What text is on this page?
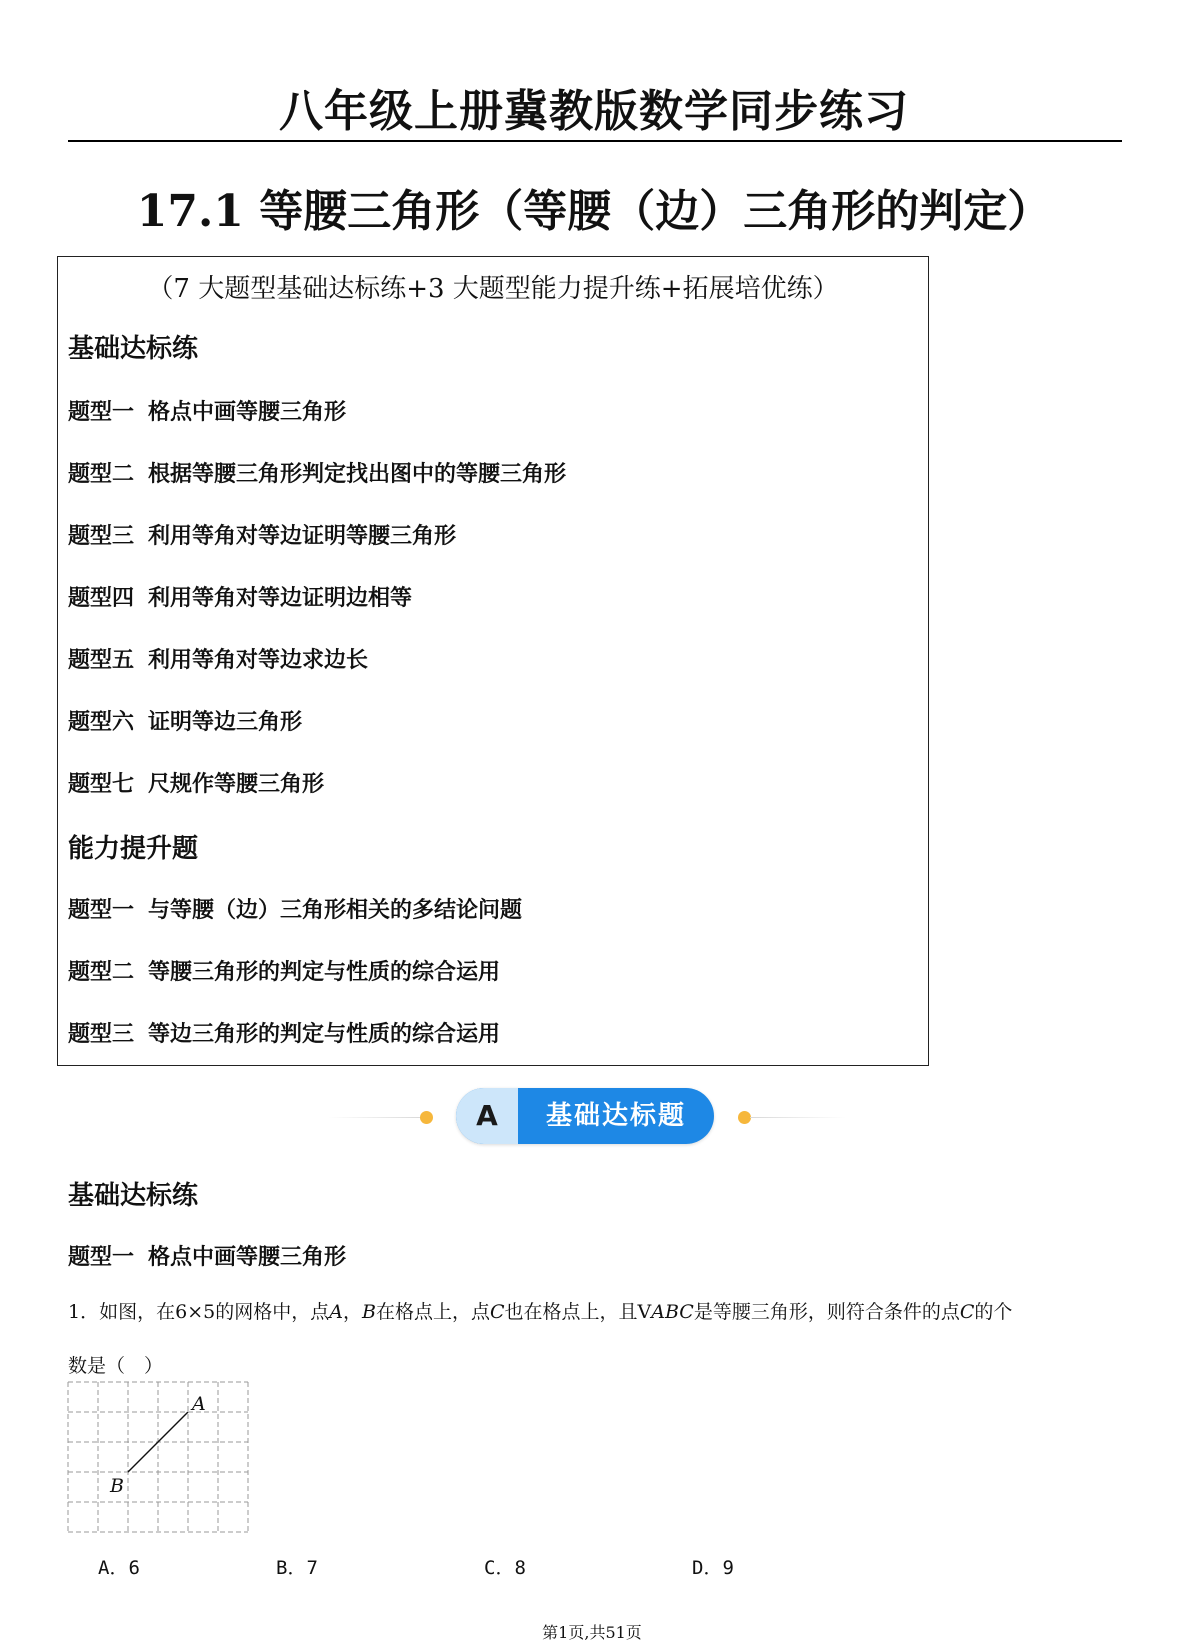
八年级上册冀教版数学同步练习
17.1 等腰三角形（等腰（边）三角形的判定）
（7 大题型基础达标练+3 大题型能力提升练+拓展培优练）
基础达标练
题型一 格点中画等腰三角形
题型二 根据等腰三角形判定找出图中的等腰三角形
题型三 利用等角对等边证明等腰三角形
题型四 利用等角对等边证明边相等
题型五 利用等角对等边求边长
题型六 证明等边三角形
题型七 尺规作等腰三角形
能力提升题
题型一 与等腰（边）三角形相关的多结论问题
题型二 等腰三角形的判定与性质的综合运用
题型三 等边三角形的判定与性质的综合运用
A	基础达标题
基础达标练
题型一 格点中画等腰三角形
1．如图，在6×5的网格中，点A，B在格点上，点C也在格点上，且VABC是等腰三角形，则符合条件的点C的个
数是（　）
A
B
A．6	B．7	C．8	D．9
第1页,共51页
